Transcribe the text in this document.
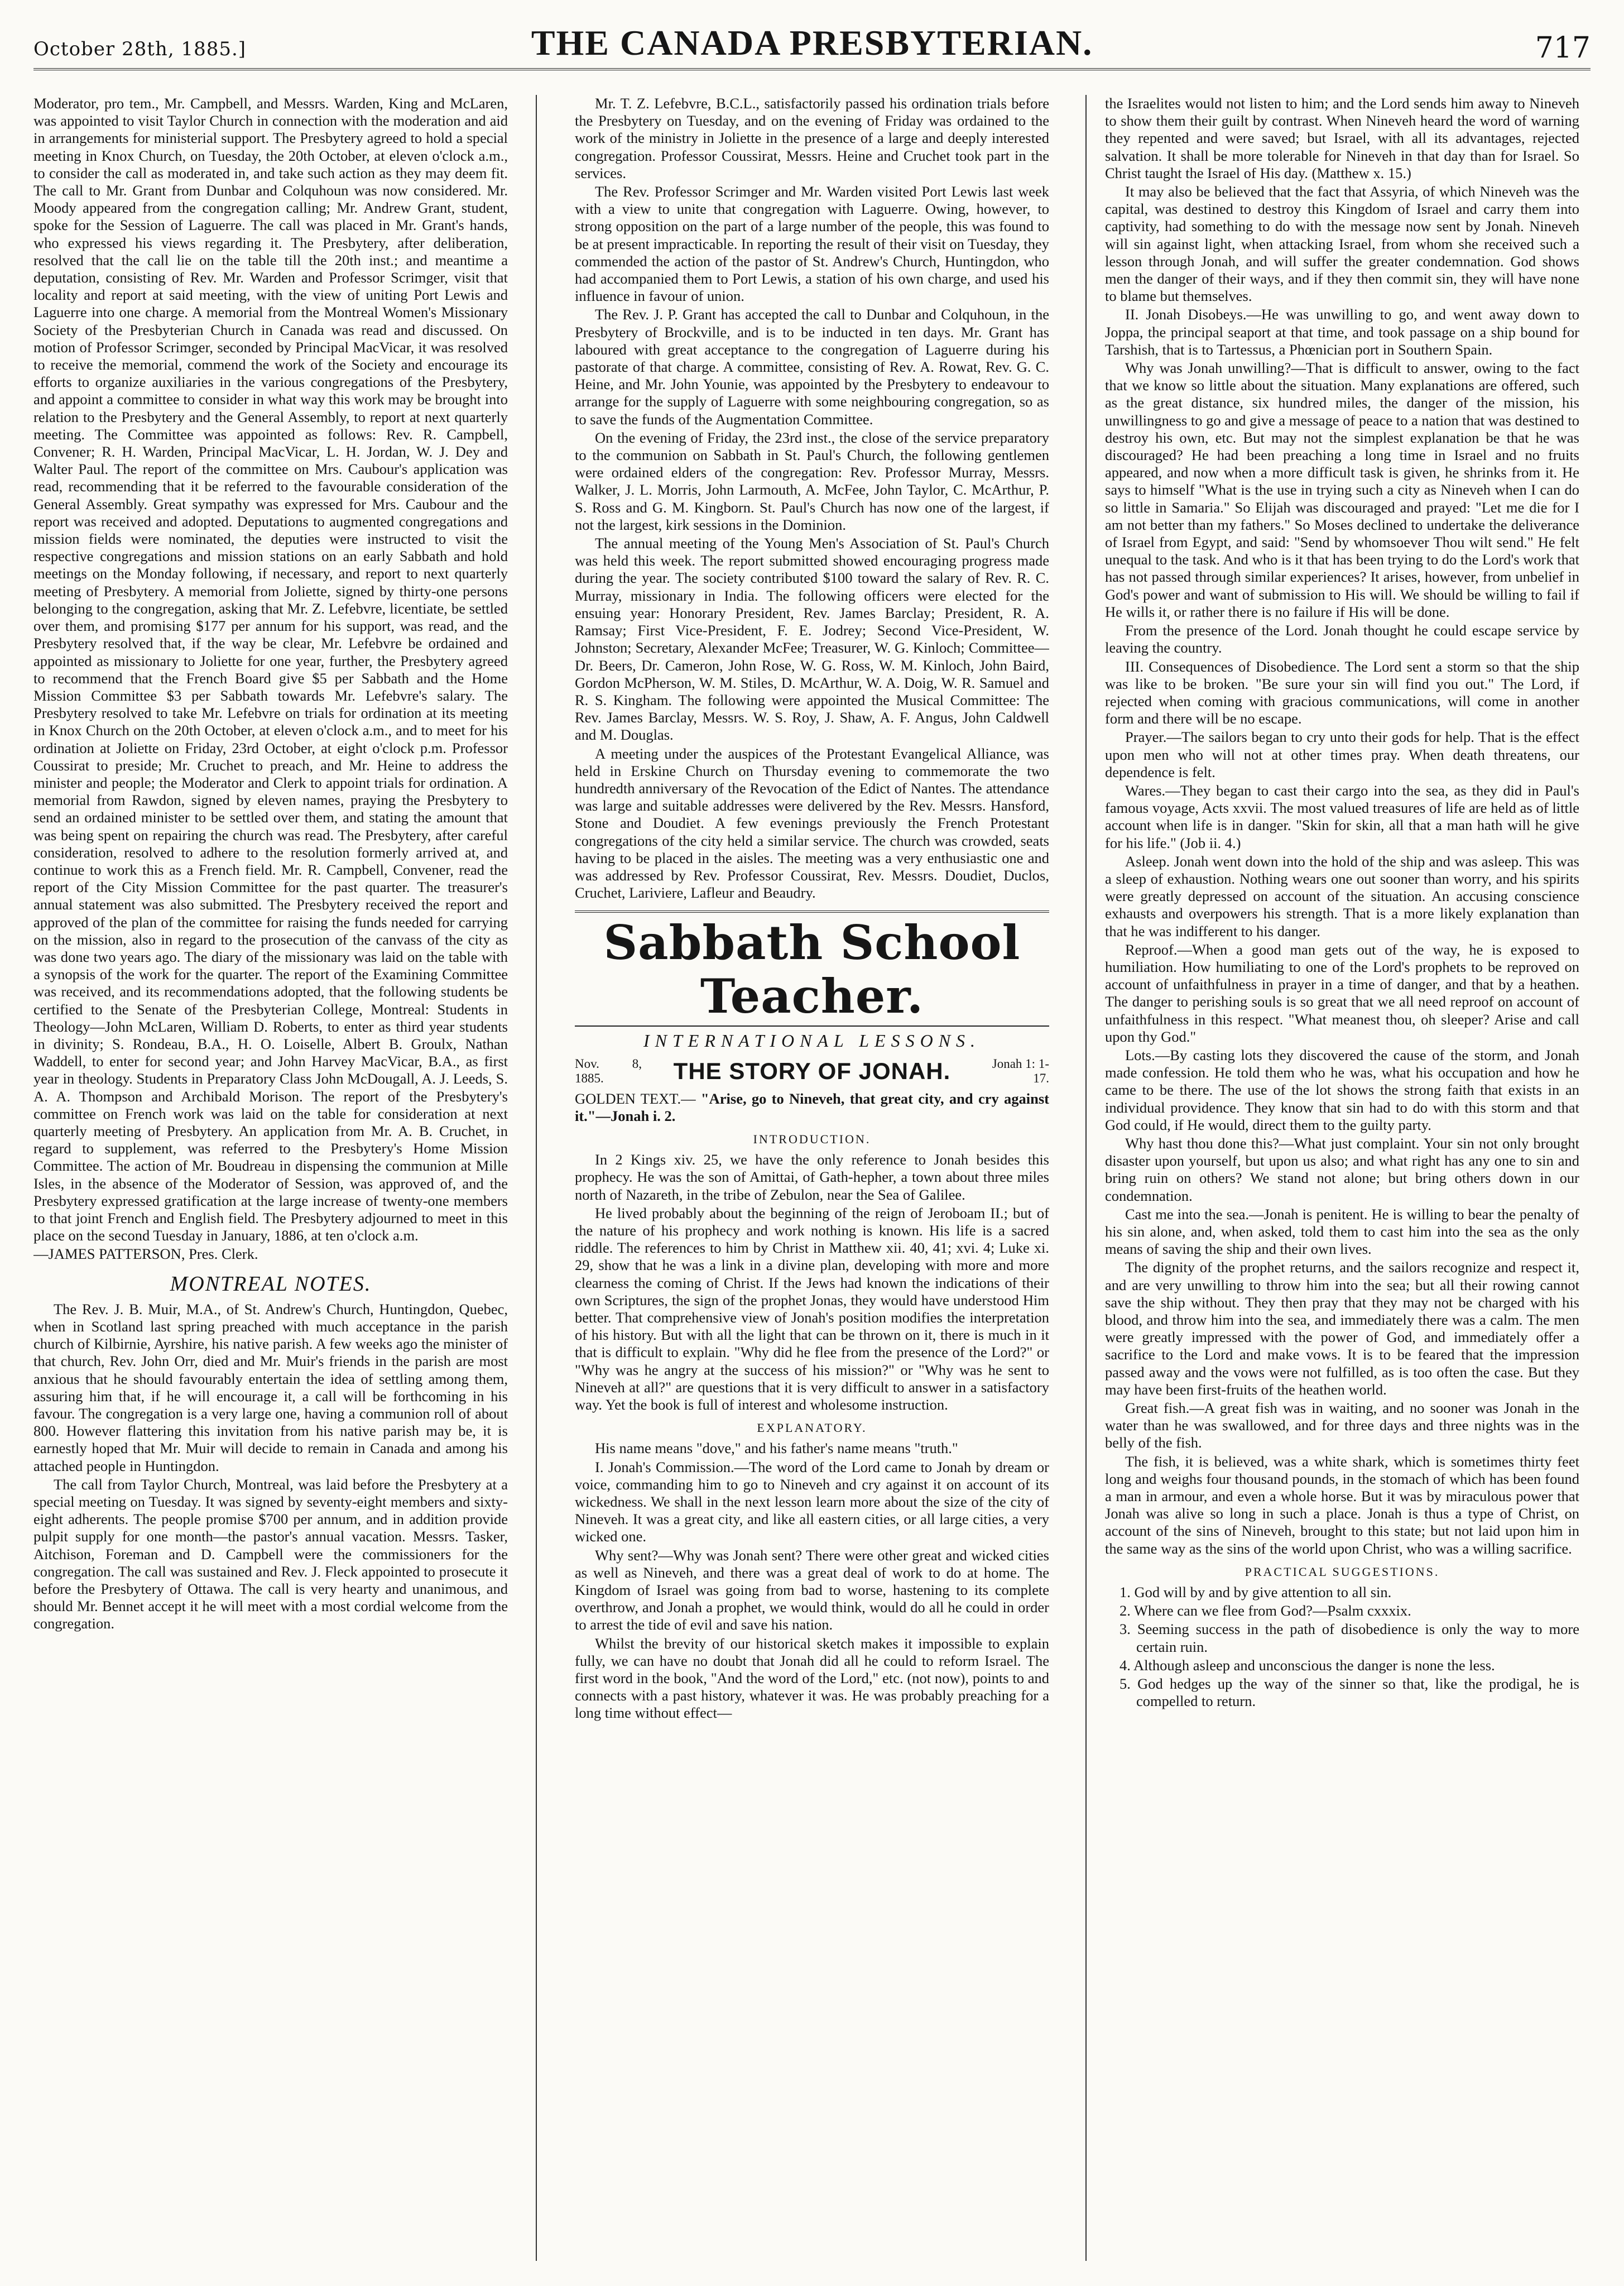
October 28th, 1885.]	THE CANADA PRESBYTERIAN.	717

Moderator, pro tem., Mr. Campbell, and Messrs. Warden, King and McLaren, was appointed to visit Taylor Church in connection with the moderation and aid in arrangements for ministerial support. The Presbytery agreed to hold a special meeting in Knox Church, on Tuesday, the 20th October, at eleven o'clock a.m., to consider the call as moderated in, and take such action as they may deem fit. The call to Mr. Grant from Dunbar and Colquhoun was now considered. Mr. Moody appeared from the congregation calling; Mr. Andrew Grant, student, spoke for the Session of Laguerre. The call was placed in Mr. Grant's hands, who expressed his views regarding it. The Presbytery, after deliberation, resolved that the call lie on the table till the 20th inst.; and meantime a deputation, consisting of Rev. Mr. Warden and Professor Scrimger, visit that locality and report at said meeting, with the view of uniting Port Lewis and Laguerre into one charge. A memorial from the Montreal Women's Missionary Society of the Presbyterian Church in Canada was read and discussed. On motion of Professor Scrimger, seconded by Principal MacVicar, it was resolved to receive the memorial, commend the work of the Society and encourage its efforts to organize auxiliaries in the various congregations of the Presbytery, and appoint a committee to consider in what way this work may be brought into relation to the Presbytery and the General Assembly, to report at next quarterly meeting. The Committee was appointed as follows: Rev. R. Campbell, Convener; R. H. Warden, Principal MacVicar, L. H. Jordan, W. J. Dey and Walter Paul. The report of the committee on Mrs. Caubour's application was read, recommending that it be referred to the favourable consideration of the General Assembly. Great sympathy was expressed for Mrs. Caubour and the report was received and adopted. Deputations to augmented congregations and mission fields were nominated, the deputies were instructed to visit the respective congregations and mission stations on an early Sabbath and hold meetings on the Monday following, if necessary, and report to next quarterly meeting of Presbytery. A memorial from Joliette, signed by thirty-one persons belonging to the congregation, asking that Mr. Z. Lefebvre, licentiate, be settled over them, and promising $177 per annum for his support, was read, and the Presbytery resolved that, if the way be clear, Mr. Lefebvre be ordained and appointed as missionary to Joliette for one year, further, the Presbytery agreed to recommend that the French Board give $5 per Sabbath and the Home Mission Committee $3 per Sabbath towards Mr. Lefebvre's salary. The Presbytery resolved to take Mr. Lefebvre on trials for ordination at its meeting in Knox Church on the 20th October, at eleven o'clock a.m., and to meet for his ordination at Joliette on Friday, 23rd October, at eight o'clock p.m. Professor Coussirat to preside; Mr. Cruchet to preach, and Mr. Heine to address the minister and people; the Moderator and Clerk to appoint trials for ordination. A memorial from Rawdon, signed by eleven names, praying the Presbytery to send an ordained minister to be settled over them, and stating the amount that was being spent on repairing the church was read. The Presbytery, after careful consideration, resolved to adhere to the resolution formerly arrived at, and continue to work this as a French field. Mr. R. Campbell, Convener, read the report of the City Mission Committee for the past quarter. The treasurer's annual statement was also submitted. The Presbytery received the report and approved of the plan of the committee for raising the funds needed for carrying on the mission, also in regard to the prosecution of the canvass of the city as was done two years ago. The diary of the missionary was laid on the table with a synopsis of the work for the quarter. The report of the Examining Committee was received, and its recommendations adopted, that the following students be certified to the Senate of the Presbyterian College, Montreal: Students in Theology—John McLaren, William D. Roberts, to enter as third year students in divinity; S. Rondeau, B.A., H. O. Loiselle, Albert B. Groulx, Nathan Waddell, to enter for second year; and John Harvey MacVicar, B.A., as first year in theology. Students in Preparatory Class John McDougall, A. J. Leeds, S. A. A. Thompson and Archibald Morison. The report of the Presbytery's committee on French work was laid on the table for consideration at next quarterly meeting of Presbytery. An application from Mr. A. B. Cruchet, in regard to supplement, was referred to the Presbytery's Home Mission Committee. The action of Mr. Boudreau in dispensing the communion at Mille Isles, in the absence of the Moderator of Session, was approved of, and the Presbytery expressed gratification at the large increase of twenty-one members to that joint French and English field. The Presbytery adjourned to meet in this place on the second Tuesday in January, 1886, at ten o'clock a.m.

—JAMES PATTERSON, Pres. Clerk.

MONTREAL NOTES.

The Rev. J. B. Muir, M.A., of St. Andrew's Church, Huntingdon, Quebec, when in Scotland last spring preached with much acceptance in the parish church of Kilbirnie, Ayrshire, his native parish. A few weeks ago the minister of that church, Rev. John Orr, died and Mr. Muir's friends in the parish are most anxious that he should favourably entertain the idea of settling among them, assuring him that, if he will encourage it, a call will be forthcoming in his favour. The congregation is a very large one, having a communion roll of about 800. However flattering this invitation from his native parish may be, it is earnestly hoped that Mr. Muir will decide to remain in Canada and among his attached people in Huntingdon.

The call from Taylor Church, Montreal, was laid before the Presbytery at a special meeting on Tuesday. It was signed by seventy-eight members and sixty-eight adherents. The people promise $700 per annum, and in addition provide pulpit supply for one month—the pastor's annual vacation. Messrs. Tasker, Aitchison, Foreman and D. Campbell were the commissioners for the congregation. The call was sustained and Rev. J. Fleck appointed to prosecute it before the Presbytery of Ottawa. The call is very hearty and unanimous, and should Mr. Bennet accept it he will meet with a most cordial welcome from the congregation.

Mr. T. Z. Lefebvre, B.C.L., satisfactorily passed his ordination trials before the Presbytery on Tuesday, and on the evening of Friday was ordained to the work of the ministry in Joliette in the presence of a large and deeply interested congregation. Professor Coussirat, Messrs. Heine and Cruchet took part in the services.

The Rev. Professor Scrimger and Mr. Warden visited Port Lewis last week with a view to unite that congregation with Laguerre. Owing, however, to strong opposition on the part of a large number of the people, this was found to be at present impracticable. In reporting the result of their visit on Tuesday, they commended the action of the pastor of St. Andrew's Church, Huntingdon, who had accompanied them to Port Lewis, a station of his own charge, and used his influence in favour of union.

The Rev. J. P. Grant has accepted the call to Dunbar and Colquhoun, in the Presbytery of Brockville, and is to be inducted in ten days. Mr. Grant has laboured with great acceptance to the congregation of Laguerre during his pastorate of that charge. A committee, consisting of Rev. A. Rowat, Rev. G. C. Heine, and Mr. John Younie, was appointed by the Presbytery to endeavour to arrange for the supply of Laguerre with some neighbouring congregation, so as to save the funds of the Augmentation Committee.

On the evening of Friday, the 23rd inst., the close of the service preparatory to the communion on Sabbath in St. Paul's Church, the following gentlemen were ordained elders of the congregation: Rev. Professor Murray, Messrs. Walker, J. L. Morris, John Larmouth, A. McFee, John Taylor, C. McArthur, P. S. Ross and G. M. Kingborn. St. Paul's Church has now one of the largest, if not the largest, kirk sessions in the Dominion.

The annual meeting of the Young Men's Association of St. Paul's Church was held this week. The report submitted showed encouraging progress made during the year. The society contributed $100 toward the salary of Rev. R. C. Murray, missionary in India. The following officers were elected for the ensuing year: Honorary President, Rev. James Barclay; President, R. A. Ramsay; First Vice-President, F. E. Jodrey; Second Vice-President, W. Johnston; Secretary, Alexander McFee; Treasurer, W. G. Kinloch; Committee—Dr. Beers, Dr. Cameron, John Rose, W. G. Ross, W. M. Kinloch, John Baird, Gordon McPherson, W. M. Stiles, D. McArthur, W. A. Doig, W. R. Samuel and R. S. Kingham. The following were appointed the Musical Committee: The Rev. James Barclay, Messrs. W. S. Roy, J. Shaw, A. F. Angus, John Caldwell and M. Douglas.

A meeting under the auspices of the Protestant Evangelical Alliance, was held in Erskine Church on Thursday evening to commemorate the two hundredth anniversary of the Revocation of the Edict of Nantes. The attendance was large and suitable addresses were delivered by the Rev. Messrs. Hansford, Stone and Doudiet. A few evenings previously the French Protestant congregations of the city held a similar service. The church was crowded, seats having to be placed in the aisles. The meeting was a very enthusiastic one and was addressed by Rev. Professor Coussirat, Rev. Messrs. Doudiet, Duclos, Cruchet, Lariviere, Lafleur and Beaudry.

Sabbath School Teacher.
INTERNATIONAL LESSONS.
Nov. 8, 1885.	THE STORY OF JONAH.	Jonah 1: 1-17.

GOLDEN TEXT.— "Arise, go to Nineveh, that great city, and cry against it."—Jonah i. 2.

INTRODUCTION.

In 2 Kings xiv. 25, we have the only reference to Jonah besides this prophecy. He was the son of Amittai, of Gath-hepher, a town about three miles north of Nazareth, in the tribe of Zebulon, near the Sea of Galilee.

He lived probably about the beginning of the reign of Jeroboam II.; but of the nature of his prophecy and work nothing is known. His life is a sacred riddle. The references to him by Christ in Matthew xii. 40, 41; xvi. 4; Luke xi. 29, show that he was a link in a divine plan, developing with more and more clearness the coming of Christ. If the Jews had known the indications of their own Scriptures, the sign of the prophet Jonas, they would have understood Him better. That comprehensive view of Jonah's position modifies the interpretation of his history. But with all the light that can be thrown on it, there is much in it that is difficult to explain. "Why did he flee from the presence of the Lord?" or "Why was he angry at the success of his mission?" or "Why was he sent to Nineveh at all?" are questions that it is very difficult to answer in a satisfactory way. Yet the book is full of interest and wholesome instruction.

EXPLANATORY.

His name means "dove," and his father's name means "truth."

I. Jonah's Commission.—The word of the Lord came to Jonah by dream or voice, commanding him to go to Nineveh and cry against it on account of its wickedness. We shall in the next lesson learn more about the size of the city of Nineveh. It was a great city, and like all eastern cities, or all large cities, a very wicked one.

Why sent?—Why was Jonah sent? There were other great and wicked cities as well as Nineveh, and there was a great deal of work to do at home. The Kingdom of Israel was going from bad to worse, hastening to its complete overthrow, and Jonah a prophet, we would think, would do all he could in order to arrest the tide of evil and save his nation.

Whilst the brevity of our historical sketch makes it impossible to explain fully, we can have no doubt that Jonah did all he could to reform Israel. The first word in the book, "And the word of the Lord," etc. (not now), points to and connects with a past history, whatever it was. He was probably preaching for a long time without effect—

the Israelites would not listen to him; and the Lord sends him away to Nineveh to show them their guilt by contrast. When Nineveh heard the word of warning they repented and were saved; but Israel, with all its advantages, rejected salvation. It shall be more tolerable for Nineveh in that day than for Israel. So Christ taught the Israel of His day. (Matthew x. 15.)

It may also be believed that the fact that Assyria, of which Nineveh was the capital, was destined to destroy this Kingdom of Israel and carry them into captivity, had something to do with the message now sent by Jonah. Nineveh will sin against light, when attacking Israel, from whom she received such a lesson through Jonah, and will suffer the greater condemnation. God shows men the danger of their ways, and if they then commit sin, they will have none to blame but themselves.

II. Jonah Disobeys.—He was unwilling to go, and went away down to Joppa, the principal seaport at that time, and took passage on a ship bound for Tarshish, that is to Tartessus, a Phœnician port in Southern Spain.

Why was Jonah unwilling?—That is difficult to answer, owing to the fact that we know so little about the situation. Many explanations are offered, such as the great distance, six hundred miles, the danger of the mission, his unwillingness to go and give a message of peace to a nation that was destined to destroy his own, etc. But may not the simplest explanation be that he was discouraged? He had been preaching a long time in Israel and no fruits appeared, and now when a more difficult task is given, he shrinks from it. He says to himself "What is the use in trying such a city as Nineveh when I can do so little in Samaria." So Elijah was discouraged and prayed: "Let me die for I am not better than my fathers." So Moses declined to undertake the deliverance of Israel from Egypt, and said: "Send by whomsoever Thou wilt send." He felt unequal to the task. And who is it that has been trying to do the Lord's work that has not passed through similar experiences? It arises, however, from unbelief in God's power and want of submission to His will. We should be willing to fail if He wills it, or rather there is no failure if His will be done.

From the presence of the Lord. Jonah thought he could escape service by leaving the country.

III. Consequences of Disobedience. The Lord sent a storm so that the ship was like to be broken. "Be sure your sin will find you out." The Lord, if rejected when coming with gracious communications, will come in another form and there will be no escape.

Prayer.—The sailors began to cry unto their gods for help. That is the effect upon men who will not at other times pray. When death threatens, our dependence is felt.

Wares.—They began to cast their cargo into the sea, as they did in Paul's famous voyage, Acts xxvii. The most valued treasures of life are held as of little account when life is in danger. "Skin for skin, all that a man hath will he give for his life." (Job ii. 4.)

Asleep. Jonah went down into the hold of the ship and was asleep. This was a sleep of exhaustion. Nothing wears one out sooner than worry, and his spirits were greatly depressed on account of the situation. An accusing conscience exhausts and overpowers his strength. That is a more likely explanation than that he was indifferent to his danger.

Reproof.—When a good man gets out of the way, he is exposed to humiliation. How humiliating to one of the Lord's prophets to be reproved on account of unfaithfulness in prayer in a time of danger, and that by a heathen. The danger to perishing souls is so great that we all need reproof on account of unfaithfulness in this respect. "What meanest thou, oh sleeper? Arise and call upon thy God."

Lots.—By casting lots they discovered the cause of the storm, and Jonah made confession. He told them who he was, what his occupation and how he came to be there. The use of the lot shows the strong faith that exists in an individual providence. They know that sin had to do with this storm and that God could, if He would, direct them to the guilty party.

Why hast thou done this?—What just complaint. Your sin not only brought disaster upon yourself, but upon us also; and what right has any one to sin and bring ruin on others? We stand not alone; but bring others down in our condemnation.

Cast me into the sea.—Jonah is penitent. He is willing to bear the penalty of his sin alone, and, when asked, told them to cast him into the sea as the only means of saving the ship and their own lives.

The dignity of the prophet returns, and the sailors recognize and respect it, and are very unwilling to throw him into the sea; but all their rowing cannot save the ship without. They then pray that they may not be charged with his blood, and throw him into the sea, and immediately there was a calm. The men were greatly impressed with the power of God, and immediately offer a sacrifice to the Lord and make vows. It is to be feared that the impression passed away and the vows were not fulfilled, as is too often the case. But they may have been first-fruits of the heathen world.

Great fish.—A great fish was in waiting, and no sooner was Jonah in the water than he was swallowed, and for three days and three nights was in the belly of the fish.

The fish, it is believed, was a white shark, which is sometimes thirty feet long and weighs four thousand pounds, in the stomach of which has been found a man in armour, and even a whole horse. But it was by miraculous power that Jonah was alive so long in such a place. Jonah is thus a type of Christ, on account of the sins of Nineveh, brought to this state; but not laid upon him in the same way as the sins of the world upon Christ, who was a willing sacrifice.

PRACTICAL SUGGESTIONS.
1. God will by and by give attention to all sin.
2. Where can we flee from God?—Psalm cxxxix.
3. Seeming success in the path of disobedience is only the way to more certain ruin.
4. Although asleep and unconscious the danger is none the less.
5. God hedges up the way of the sinner so that, like the prodigal, he is compelled to return.
